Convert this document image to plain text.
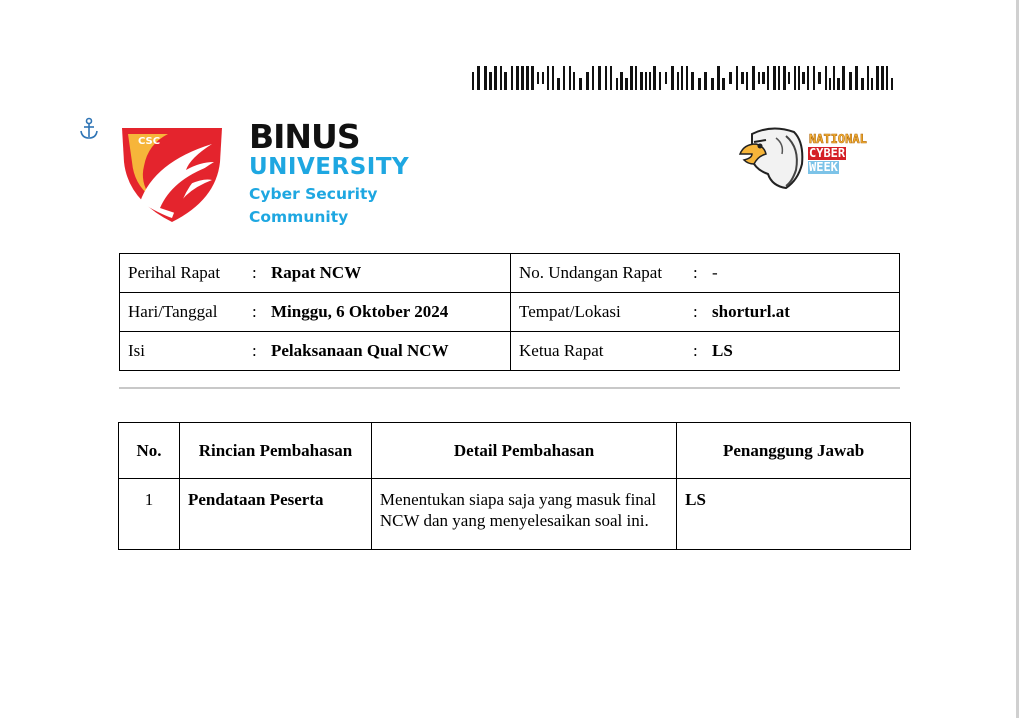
CSC	BINUS
UNIVERSITY
Cyber Security
Community
NATIONAL
CYBER
WEEK
Perihal Rapat : Rapat NCW	No. Undangan Rapat : -

Hari/Tanggal : Minggu, 6 Oktober 2024	Tempat/Lokasi : shorturl.at

Isi : Pelaksanaan Qual NCW	Ketua Rapat : LS
No.	Rincian Pembahasan	Detail Pembahasan	Penanggung Jawab
1	Pendataan Peserta	Menentukan siapa saja yang masuk final NCW dan yang menyelesaikan soal ini.	LS
